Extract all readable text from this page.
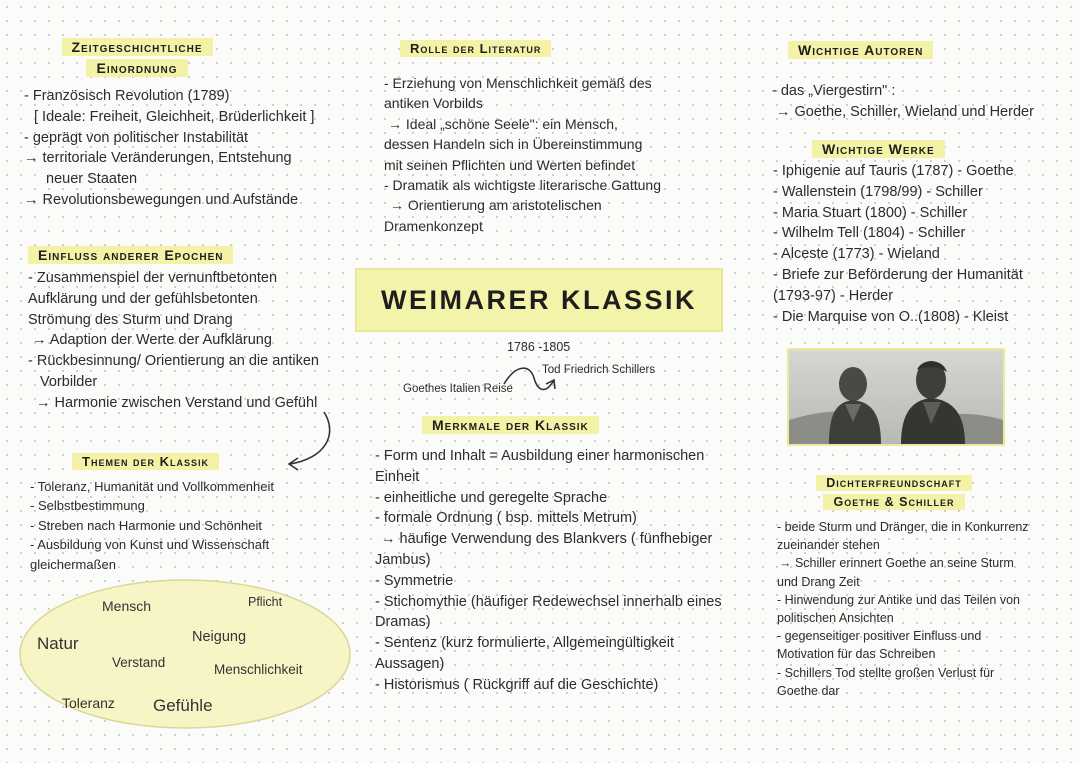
Zeitgeschichtliche
Einordnung
- Französisch Revolution (1789)
[ Ideale: Freiheit, Gleichheit, Brüderlichkeit ]
- geprägt von politischer Instabilität
→ territoriale Veränderungen, Entstehung
neuer Staaten
→ Revolutionsbewegungen und Aufstände
Einfluss anderer Epochen
- Zusammenspiel der vernunftbetonten
Aufklärung und der gefühlsbetonten
Strömung des Sturm und Drang
→ Adaption der Werte der Aufklärung
- Rückbesinnung/ Orientierung an die antiken
Vorbilder
→ Harmonie zwischen Verstand und Gefühl
Themen der Klassik
- Toleranz, Humanität und Vollkommenheit
- Selbstbestimmung
- Streben nach Harmonie und Schönheit
- Ausbildung von Kunst und Wissenschaft
gleichermaßen
Mensch	Pflicht
Natur	Neigung
Verstand	Menschlichkeit
Toleranz Gefühle
Rolle der Literatur
- Erziehung von Menschlichkeit gemäß des
antiken Vorbilds
→ Ideal „schöne Seele": ein Mensch,
dessen Handeln sich in Übereinstimmung
mit seinen Pflichten und Werten befindet
- Dramatik als wichtigste literarische Gattung
→ Orientierung am aristotelischen
Dramenkonzept
WEIMARER KLASSIK
1786 -1805
Goethes Italien Reise
Tod Friedrich Schillers
Merkmale der Klassik
- Form und Inhalt = Ausbildung einer harmonischen
Einheit
- einheitliche und geregelte Sprache
- formale Ordnung ( bsp. mittels Metrum)
→ häufige Verwendung des Blankvers ( fünfhebiger
Jambus)
- Symmetrie
- Stichomythie (häufiger Redewechsel innerhalb eines
Dramas)
- Sentenz (kurz formulierte, Allgemeingültigkeit
Aussagen)
- Historismus ( Rückgriff auf die Geschichte)
Wichtige Autoren
- das „Viergestirn" :
→ Goethe, Schiller, Wieland und Herder
Wichtige Werke
- Iphigenie auf Tauris (1787) - Goethe
- Wallenstein (1798/99) - Schiller
- Maria Stuart (1800) - Schiller
- Wilhelm Tell (1804) - Schiller
- Alceste (1773) - Wieland
- Briefe zur Beförderung der Humanität
(1793-97) - Herder
- Die Marquise von O..(1808) - Kleist
Dichterfreundschaft
Goethe & Schiller
- beide Sturm und Dränger, die in Konkurrenz
zueinander stehen
→ Schiller erinnert Goethe an seine Sturm
und Drang Zeit
- Hinwendung zur Antike und das Teilen von
politischen Ansichten
- gegenseitiger positiver Einfluss und
Motivation für das Schreiben
- Schillers Tod stellte großen Verlust für
Goethe dar
